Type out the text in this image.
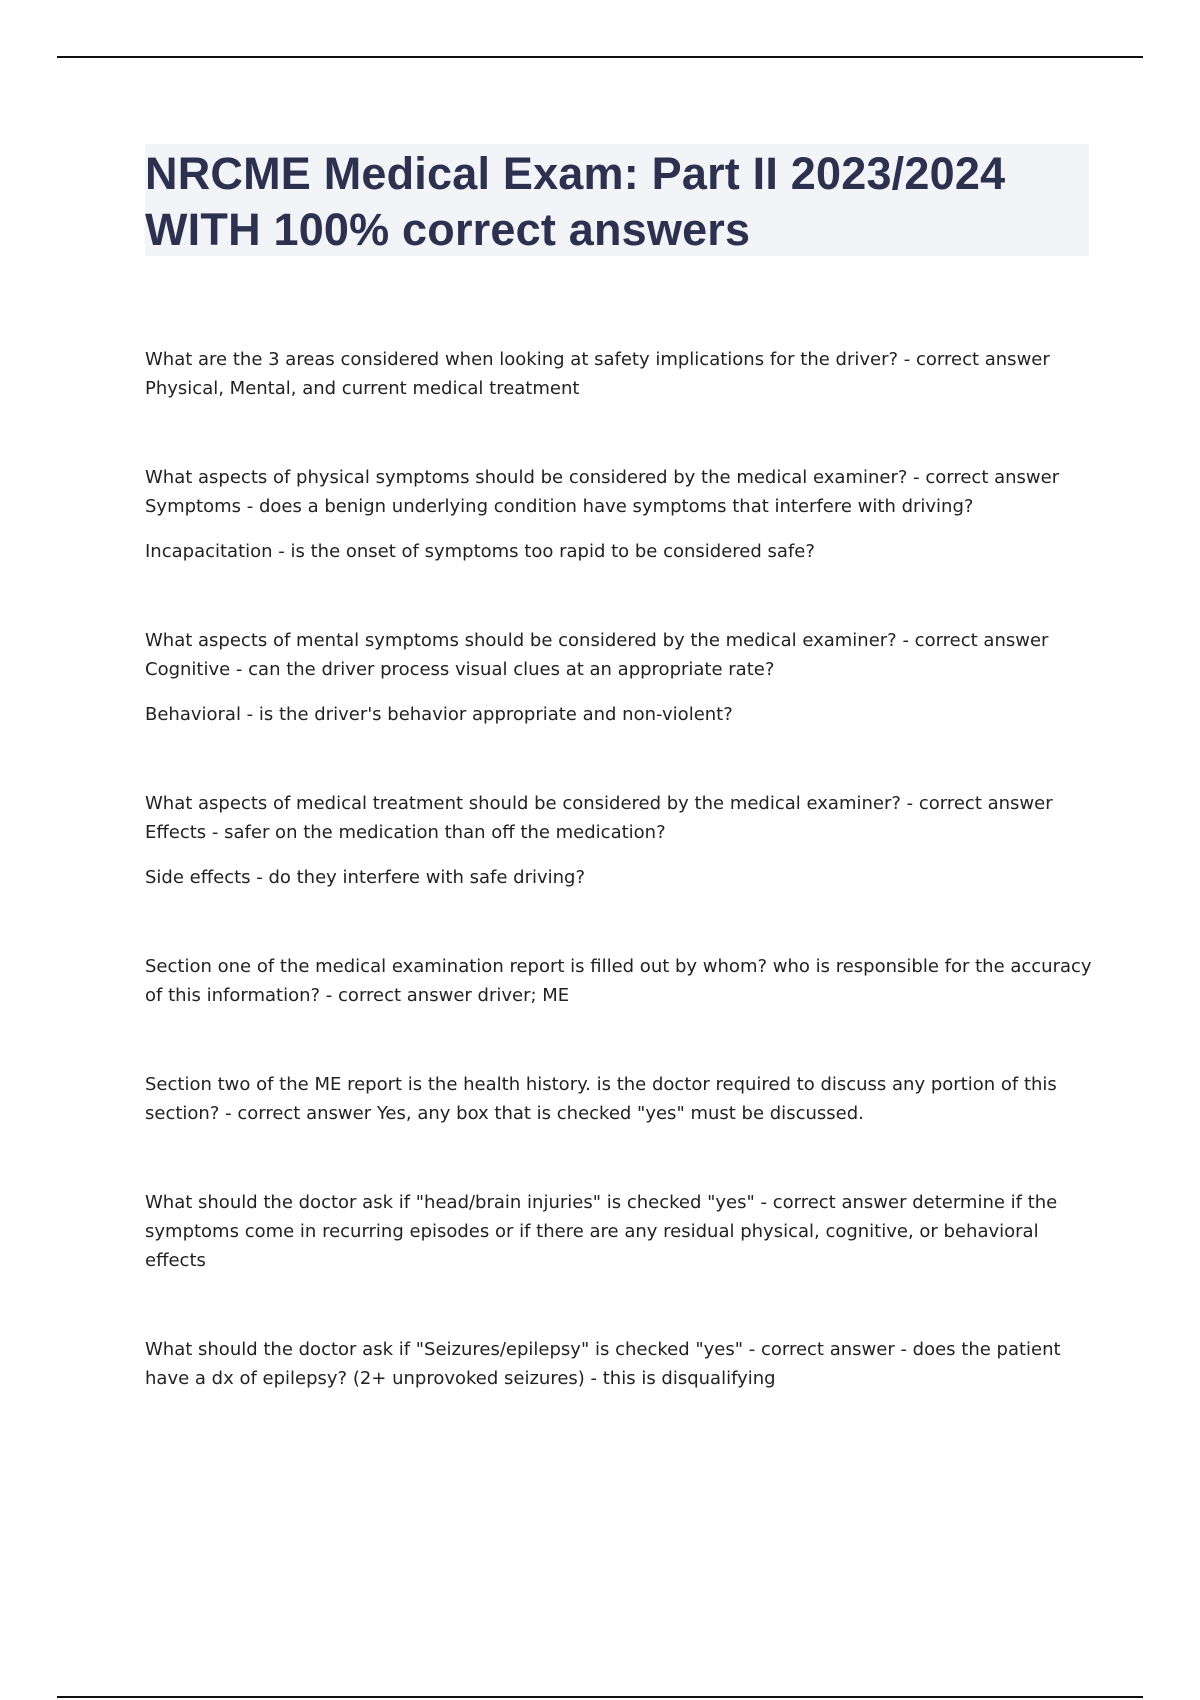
NRCME Medical Exam: Part II 2023/2024 WITH 100% correct answers

What are the 3 areas considered when looking at safety implications for the driver? - correct answer Physical, Mental, and current medical treatment

What aspects of physical symptoms should be considered by the medical examiner? - correct answer Symptoms - does a benign underlying condition have symptoms that interfere with driving?

Incapacitation - is the onset of symptoms too rapid to be considered safe?

What aspects of mental symptoms should be considered by the medical examiner? - correct answer Cognitive - can the driver process visual clues at an appropriate rate?

Behavioral - is the driver's behavior appropriate and non-violent?

What aspects of medical treatment should be considered by the medical examiner? - correct answer Effects - safer on the medication than off the medication?

Side effects - do they interfere with safe driving?

Section one of the medical examination report is filled out by whom? who is responsible for the accuracy of this information? - correct answer driver; ME

Section two of the ME report is the health history. is the doctor required to discuss any portion of this section? - correct answer Yes, any box that is checked "yes" must be discussed.

What should the doctor ask if "head/brain injuries" is checked "yes" - correct answer determine if the symptoms come in recurring episodes or if there are any residual physical, cognitive, or behavioral effects

What should the doctor ask if "Seizures/epilepsy" is checked "yes" - correct answer - does the patient have a dx of epilepsy? (2+ unprovoked seizures) - this is disqualifying
